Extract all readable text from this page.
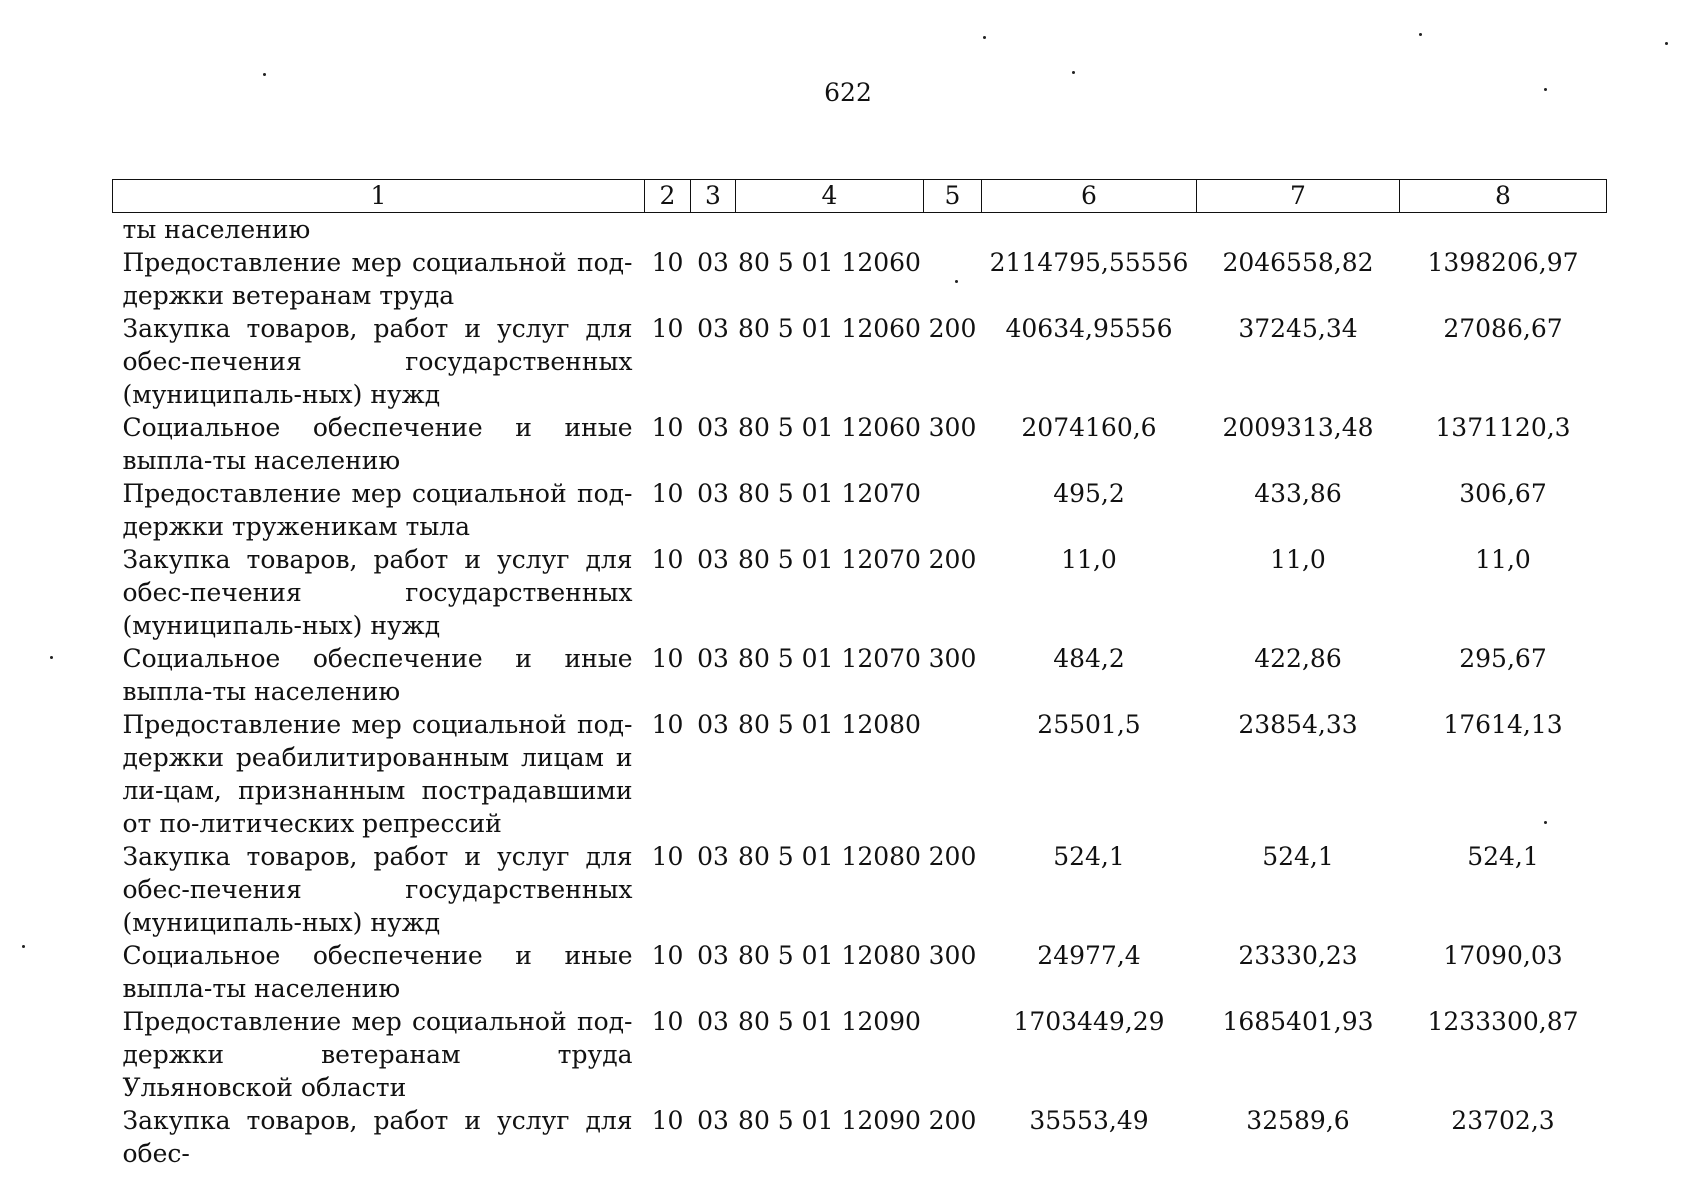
622
1	2	3	4	5	6	7	8
ты населению							
Предоставление мер социальной под-держки ветеранам труда	10	03	80 5 01 12060		2114795,55556	2046558,82	1398206,97
Закупка товаров, работ и услуг для обес-печения государственных (муниципаль-ных) нужд	10	03	80 5 01 12060	200	40634,95556	37245,34	27086,67
Социальное обеспечение и иные выпла-ты населению	10	03	80 5 01 12060	300	2074160,6	2009313,48	1371120,3
Предоставление мер социальной под-держки труженикам тыла	10	03	80 5 01 12070		495,2	433,86	306,67
Закупка товаров, работ и услуг для обес-печения государственных (муниципаль-ных) нужд	10	03	80 5 01 12070	200	11,0	11,0	11,0
Социальное обеспечение и иные выпла-ты населению	10	03	80 5 01 12070	300	484,2	422,86	295,67
Предоставление мер социальной под-держки реабилитированным лицам и ли-цам, признанным пострадавшими от по-литических репрессий	10	03	80 5 01 12080		25501,5	23854,33	17614,13
Закупка товаров, работ и услуг для обес-печения государственных (муниципаль-ных) нужд	10	03	80 5 01 12080	200	524,1	524,1	524,1
Социальное обеспечение и иные выпла-ты населению	10	03	80 5 01 12080	300	24977,4	23330,23	17090,03
Предоставление мер социальной под-держки ветеранам труда Ульяновской области	10	03	80 5 01 12090		1703449,29	1685401,93	1233300,87
Закупка товаров, работ и услуг для обес-	10	03	80 5 01 12090	200	35553,49	32589,6	23702,3
